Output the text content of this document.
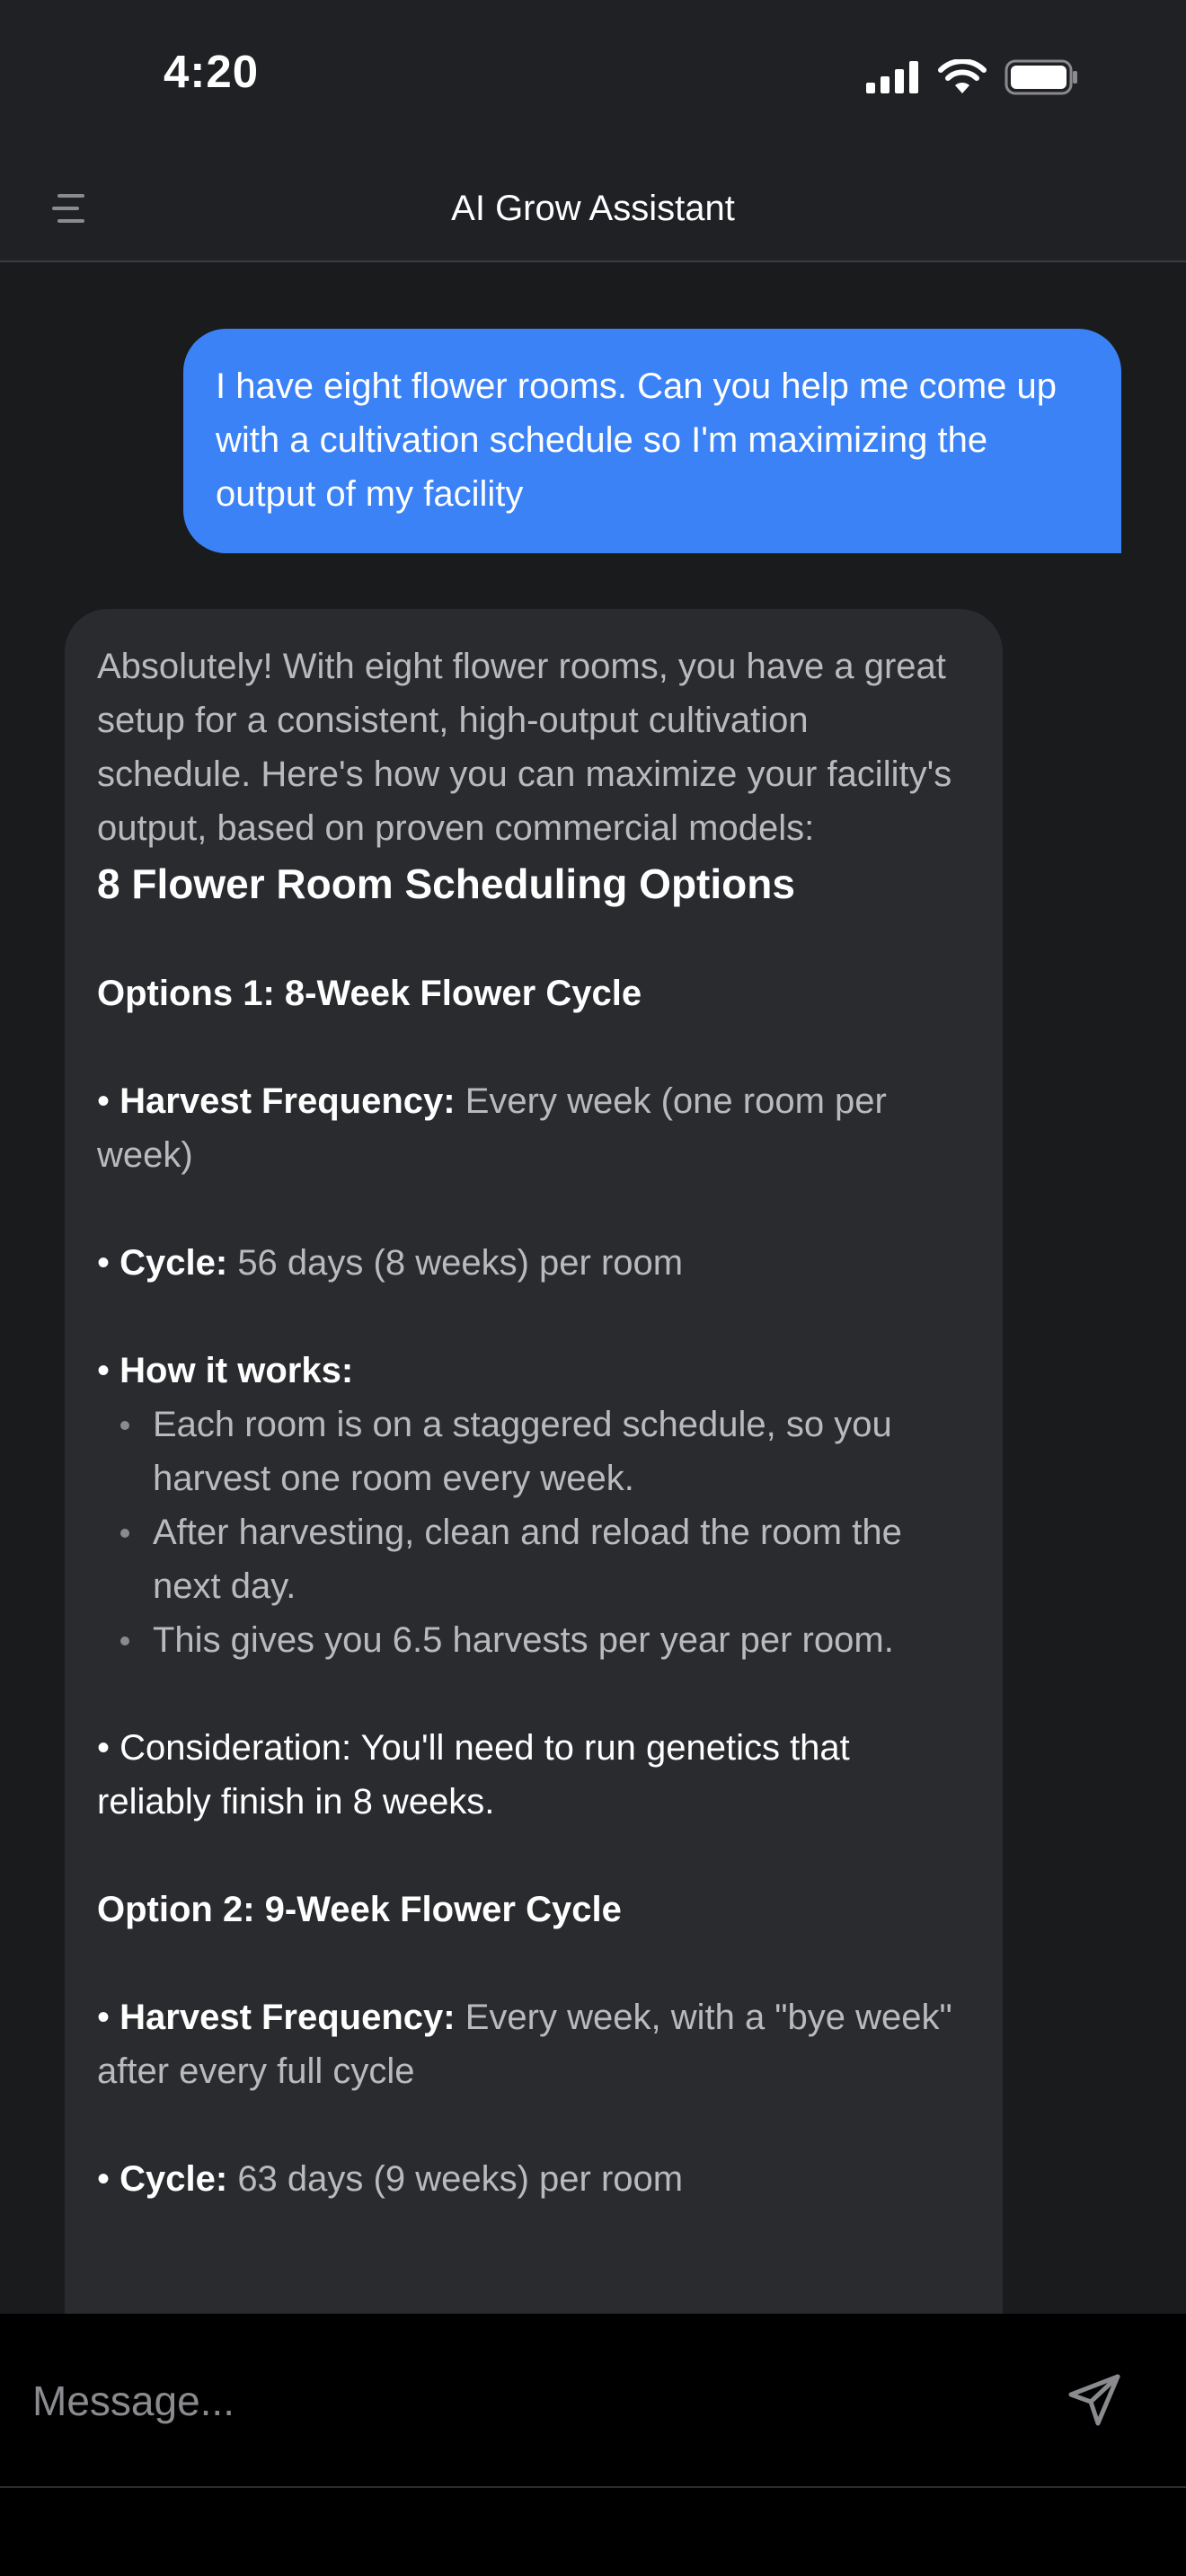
4:20
AI Grow Assistant
I have eight flower rooms. Can you help me come up with a cultivation schedule so I'm maximizing the output of my facility

Absolutely! With eight flower rooms, you have a great setup for a consistent, high-output cultivation schedule. Here's how you can maximize your facility's output, based on proven commercial models:

8 Flower Room Scheduling Options

Options 1: 8-Week Flower Cycle

• Harvest Frequency: Every week (one room per week)

• Cycle: 56 days (8 weeks) per room

• How it works:

Each room is on a staggered schedule, so you harvest one room every week.
After harvesting, clean and reload the room the next day.
This gives you 6.5 harvests per year per room.

• Consideration: You'll need to run genetics that reliably finish in 8 weeks.

Option 2: 9-Week Flower Cycle

• Harvest Frequency: Every week, with a "bye week" after every full cycle

• Cycle: 63 days (9 weeks) per room

Message...
